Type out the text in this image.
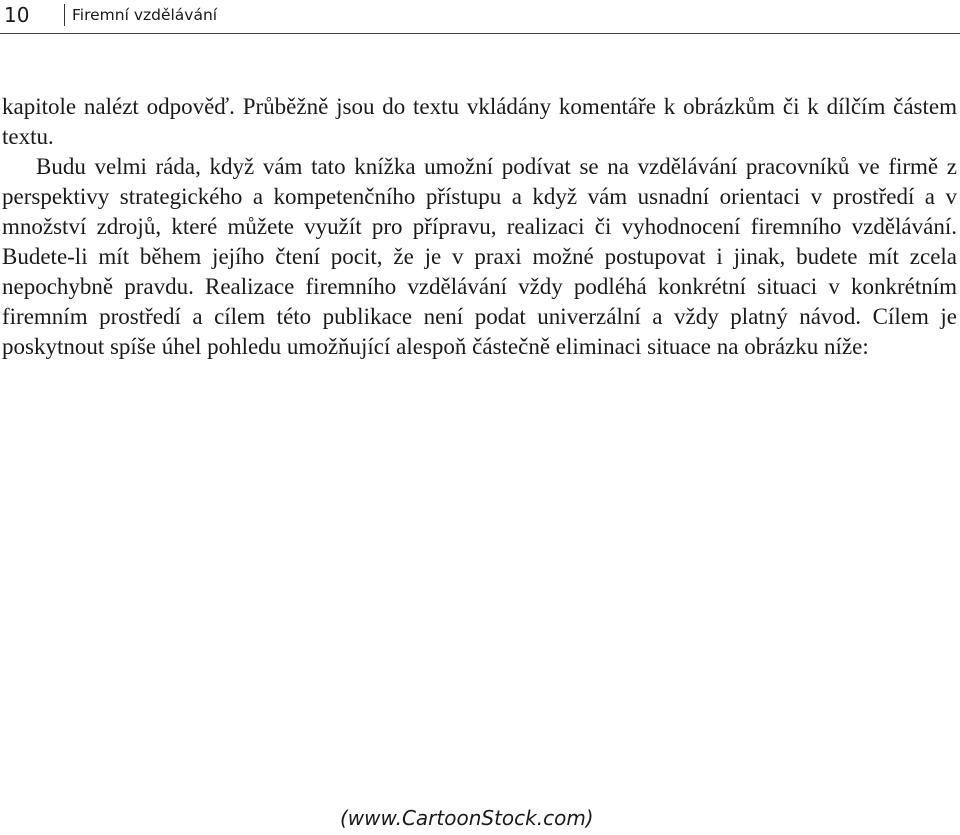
10	Firemní vzdělávání

kapitole nalézt odpověď. Průběžně jsou do textu vkládány komentáře k obrázkům či k dílčím částem textu.

Budu velmi ráda, když vám tato knížka umožní podívat se na vzdělávání pracovníků ve firmě z perspektivy strategického a kompetenčního přístupu a když vám usnadní orientaci v prostředí a v množství zdrojů, které můžete využít pro přípravu, realizaci či vyhodnocení firemního vzdělávání. Budete-li mít během jejího čtení pocit, že je v praxi možné postupovat i jinak, budete mít zcela nepochybně pravdu. Realizace firemního vzdělávání vždy podléhá konkrétní situaci v konkrétním firemním prostředí a cílem této publikace není podat univerzální a vždy platný návod. Cílem je poskytnout spíše úhel pohledu umožňující alespoň částečně eliminaci situace na obrázku níže:

(www.CartoonStock.com)
